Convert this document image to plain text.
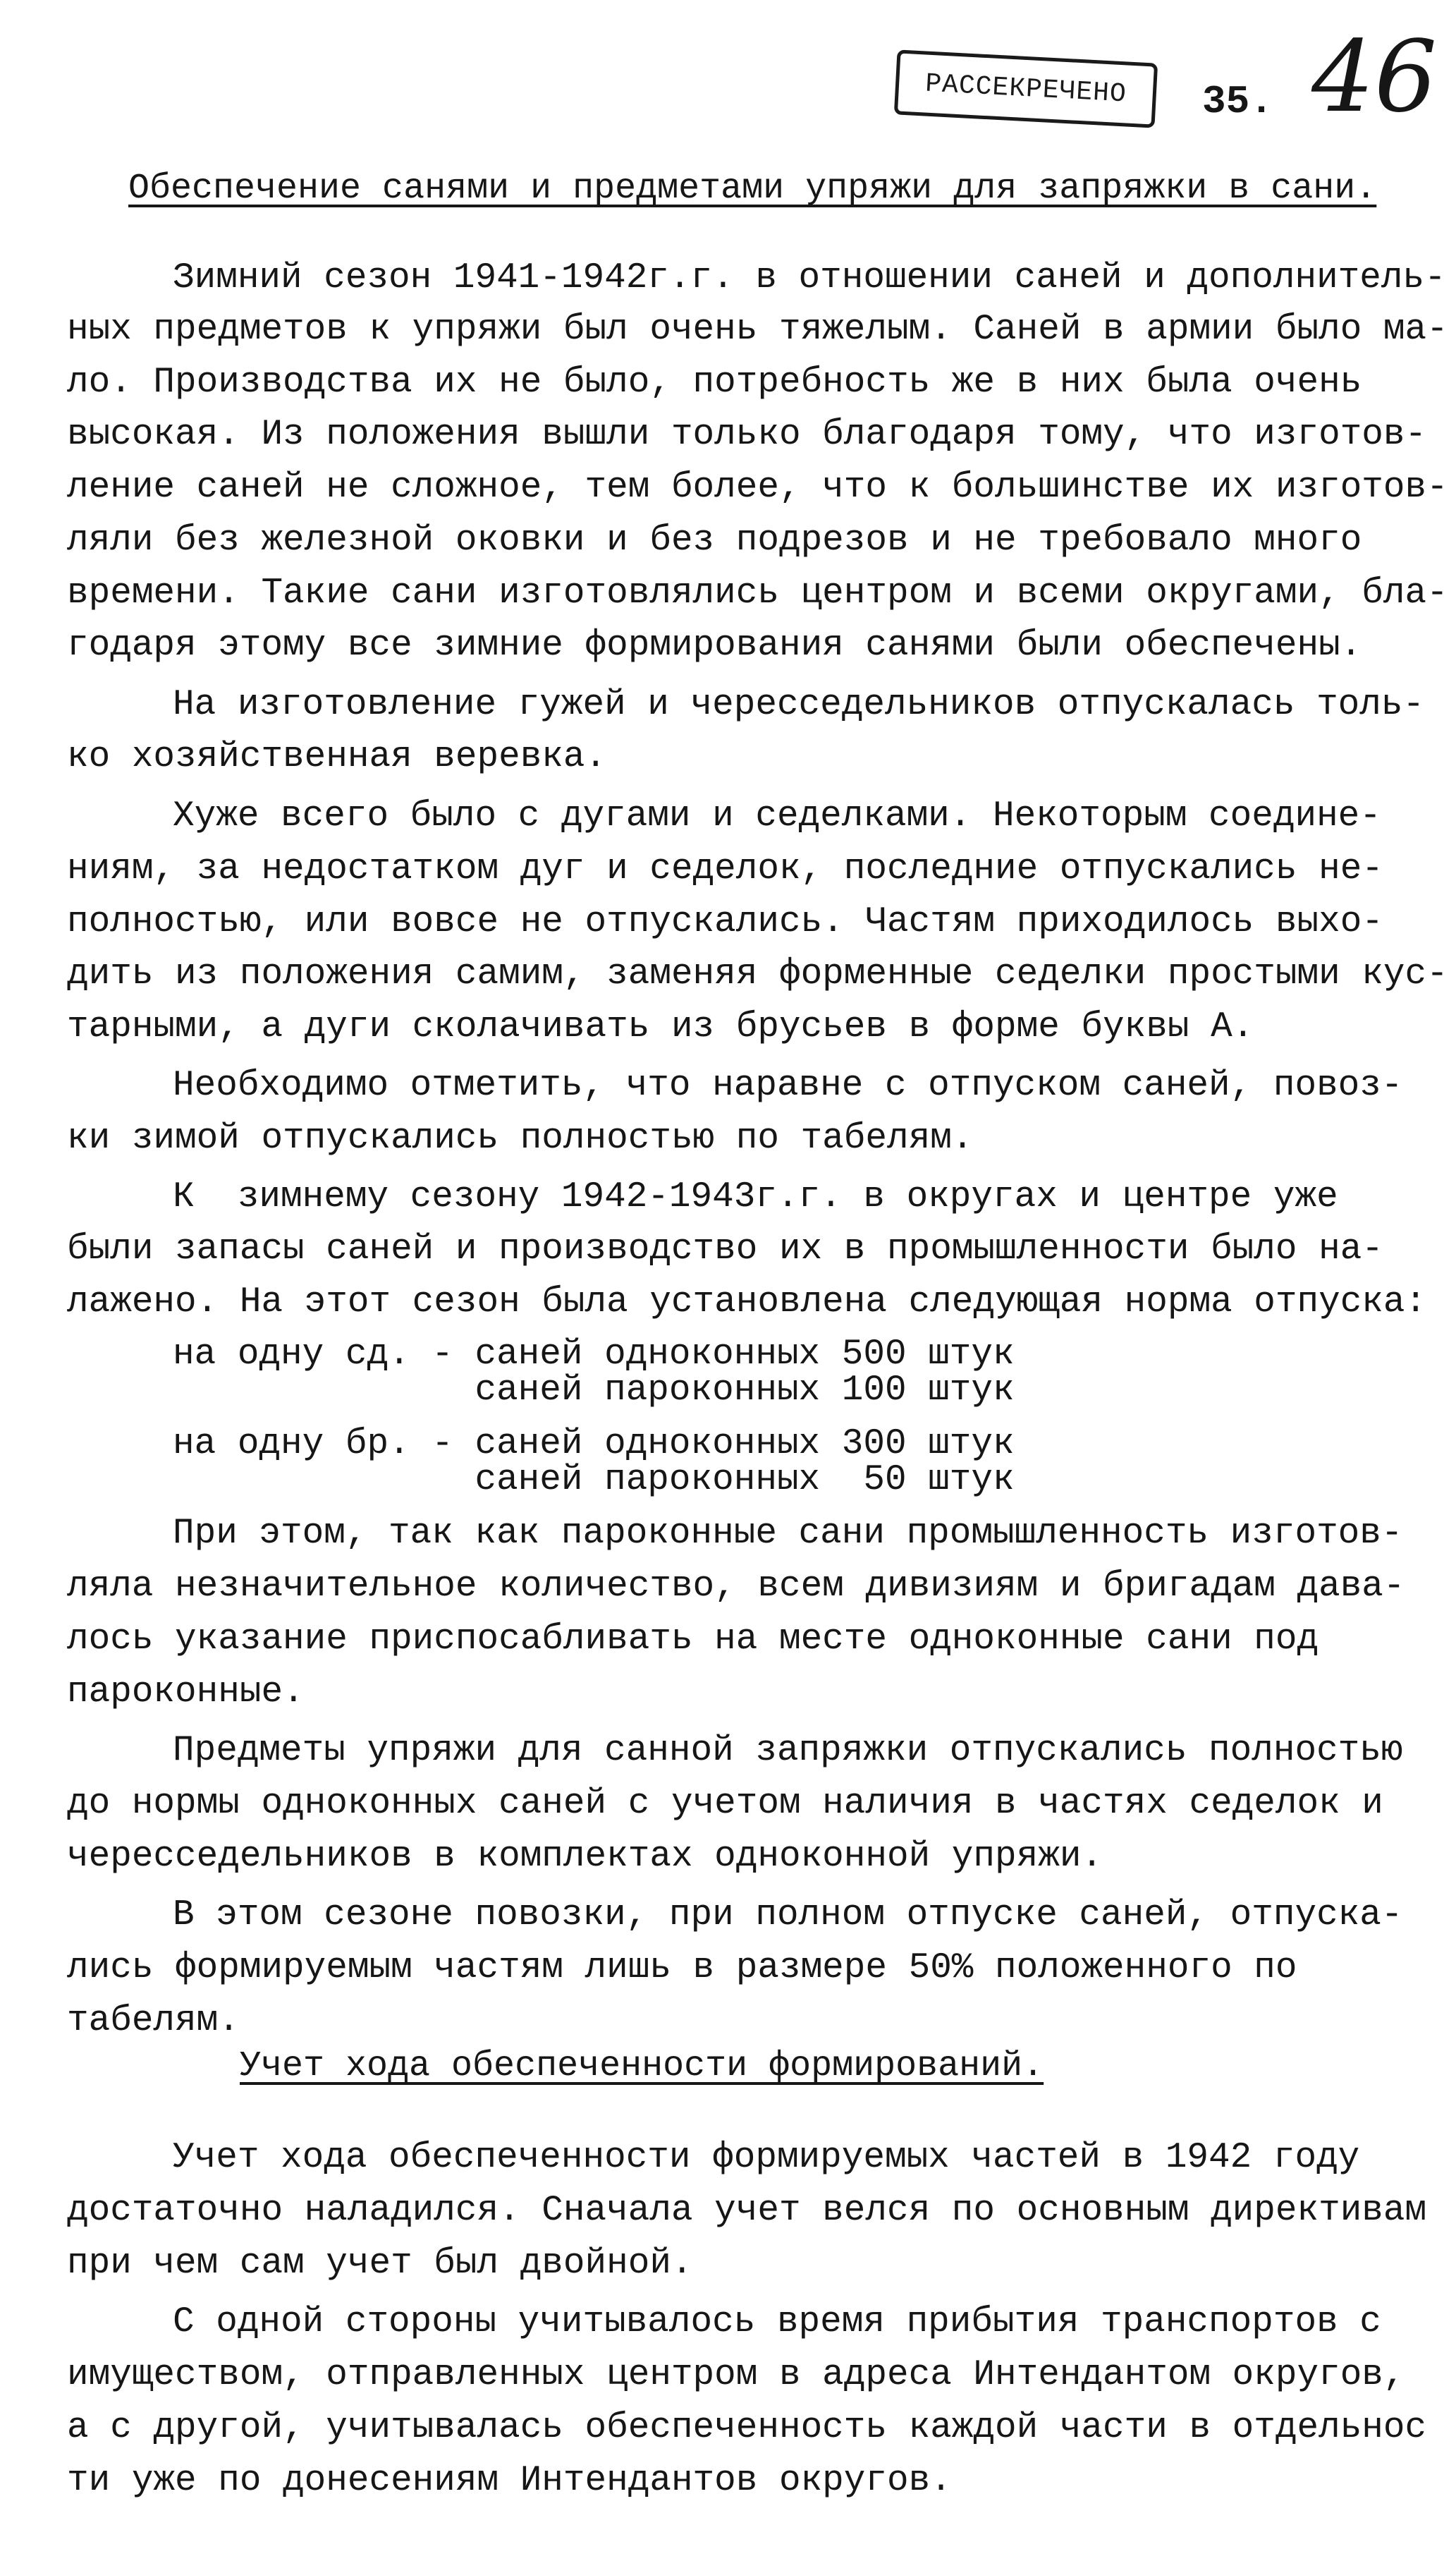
РАССЕКРЕЧЕНО 35. 46
Обеспечение санями и предметами упряжи для запряжки в сани.
Зимний сезон 1941-1942г.г. в отношении саней и дополнитель-
ных предметов к упряжи был очень тяжелым. Саней в армии было ма-
ло. Производства их не было, потребность же в них была очень
высокая. Из положения вышли только благодаря тому, что изготов-
ление саней не сложное, тем более, что к большинстве их изготов-
ляли без железной оковки и без подрезов и не требовало много
времени. Такие сани изготовлялись центром и всеми округами, бла-
годаря этому все зимние формирования санями были обеспечены.
На изготовление гужей и чересседельников отпускалась толь-
ко хозяйственная веревка.
Хуже всего было с дугами и седелками. Некоторым соедине-
ниям, за недостатком дуг и седелок, последние отпускались не-
полностью, или вовсе не отпускались. Частям приходилось выхо-
дить из положения самим, заменяя форменные седелки простыми кус-
тарными, а дуги сколачивать из брусьев в форме буквы А.
Необходимо отметить, что наравне с отпуском саней, повоз-
ки зимой отпускались полностью по табелям.
К  зимнему сезону 1942-1943г.г. в округах и центре уже
были запасы саней и производство их в промышленности было на-
лажено. На этот сезон была установлена следующая норма отпуска:
на одну сд. - саней одноконных 500 штук
саней пароконных 100 штук
на одну бр. - саней одноконных 300 штук
саней пароконных  50 штук
При этом, так как пароконные сани промышленность изготов-
ляла незначительное количество, всем дивизиям и бригадам дава-
лось указание приспосабливать на месте одноконные сани под
пароконные.
Предметы упряжи для санной запряжки отпускались полностью
до нормы одноконных саней с учетом наличия в частях седелок и
чересседельников в комплектах одноконной упряжи.
В этом сезоне повозки, при полном отпуске саней, отпуска-
лись формируемым частям лишь в размере 50% положенного по
табелям.
Учет хода обеспеченности формирований.
Учет хода обеспеченности формируемых частей в 1942 году
достаточно наладился. Сначала учет велся по основным директивам
при чем сам учет был двойной.
С одной стороны учитывалось время прибытия транспортов с
имуществом, отправленных центром в адреса Интендантом округов,
а с другой, учитывалась обеспеченность каждой части в отдельнос
ти уже по донесениям Интендантов округов.
